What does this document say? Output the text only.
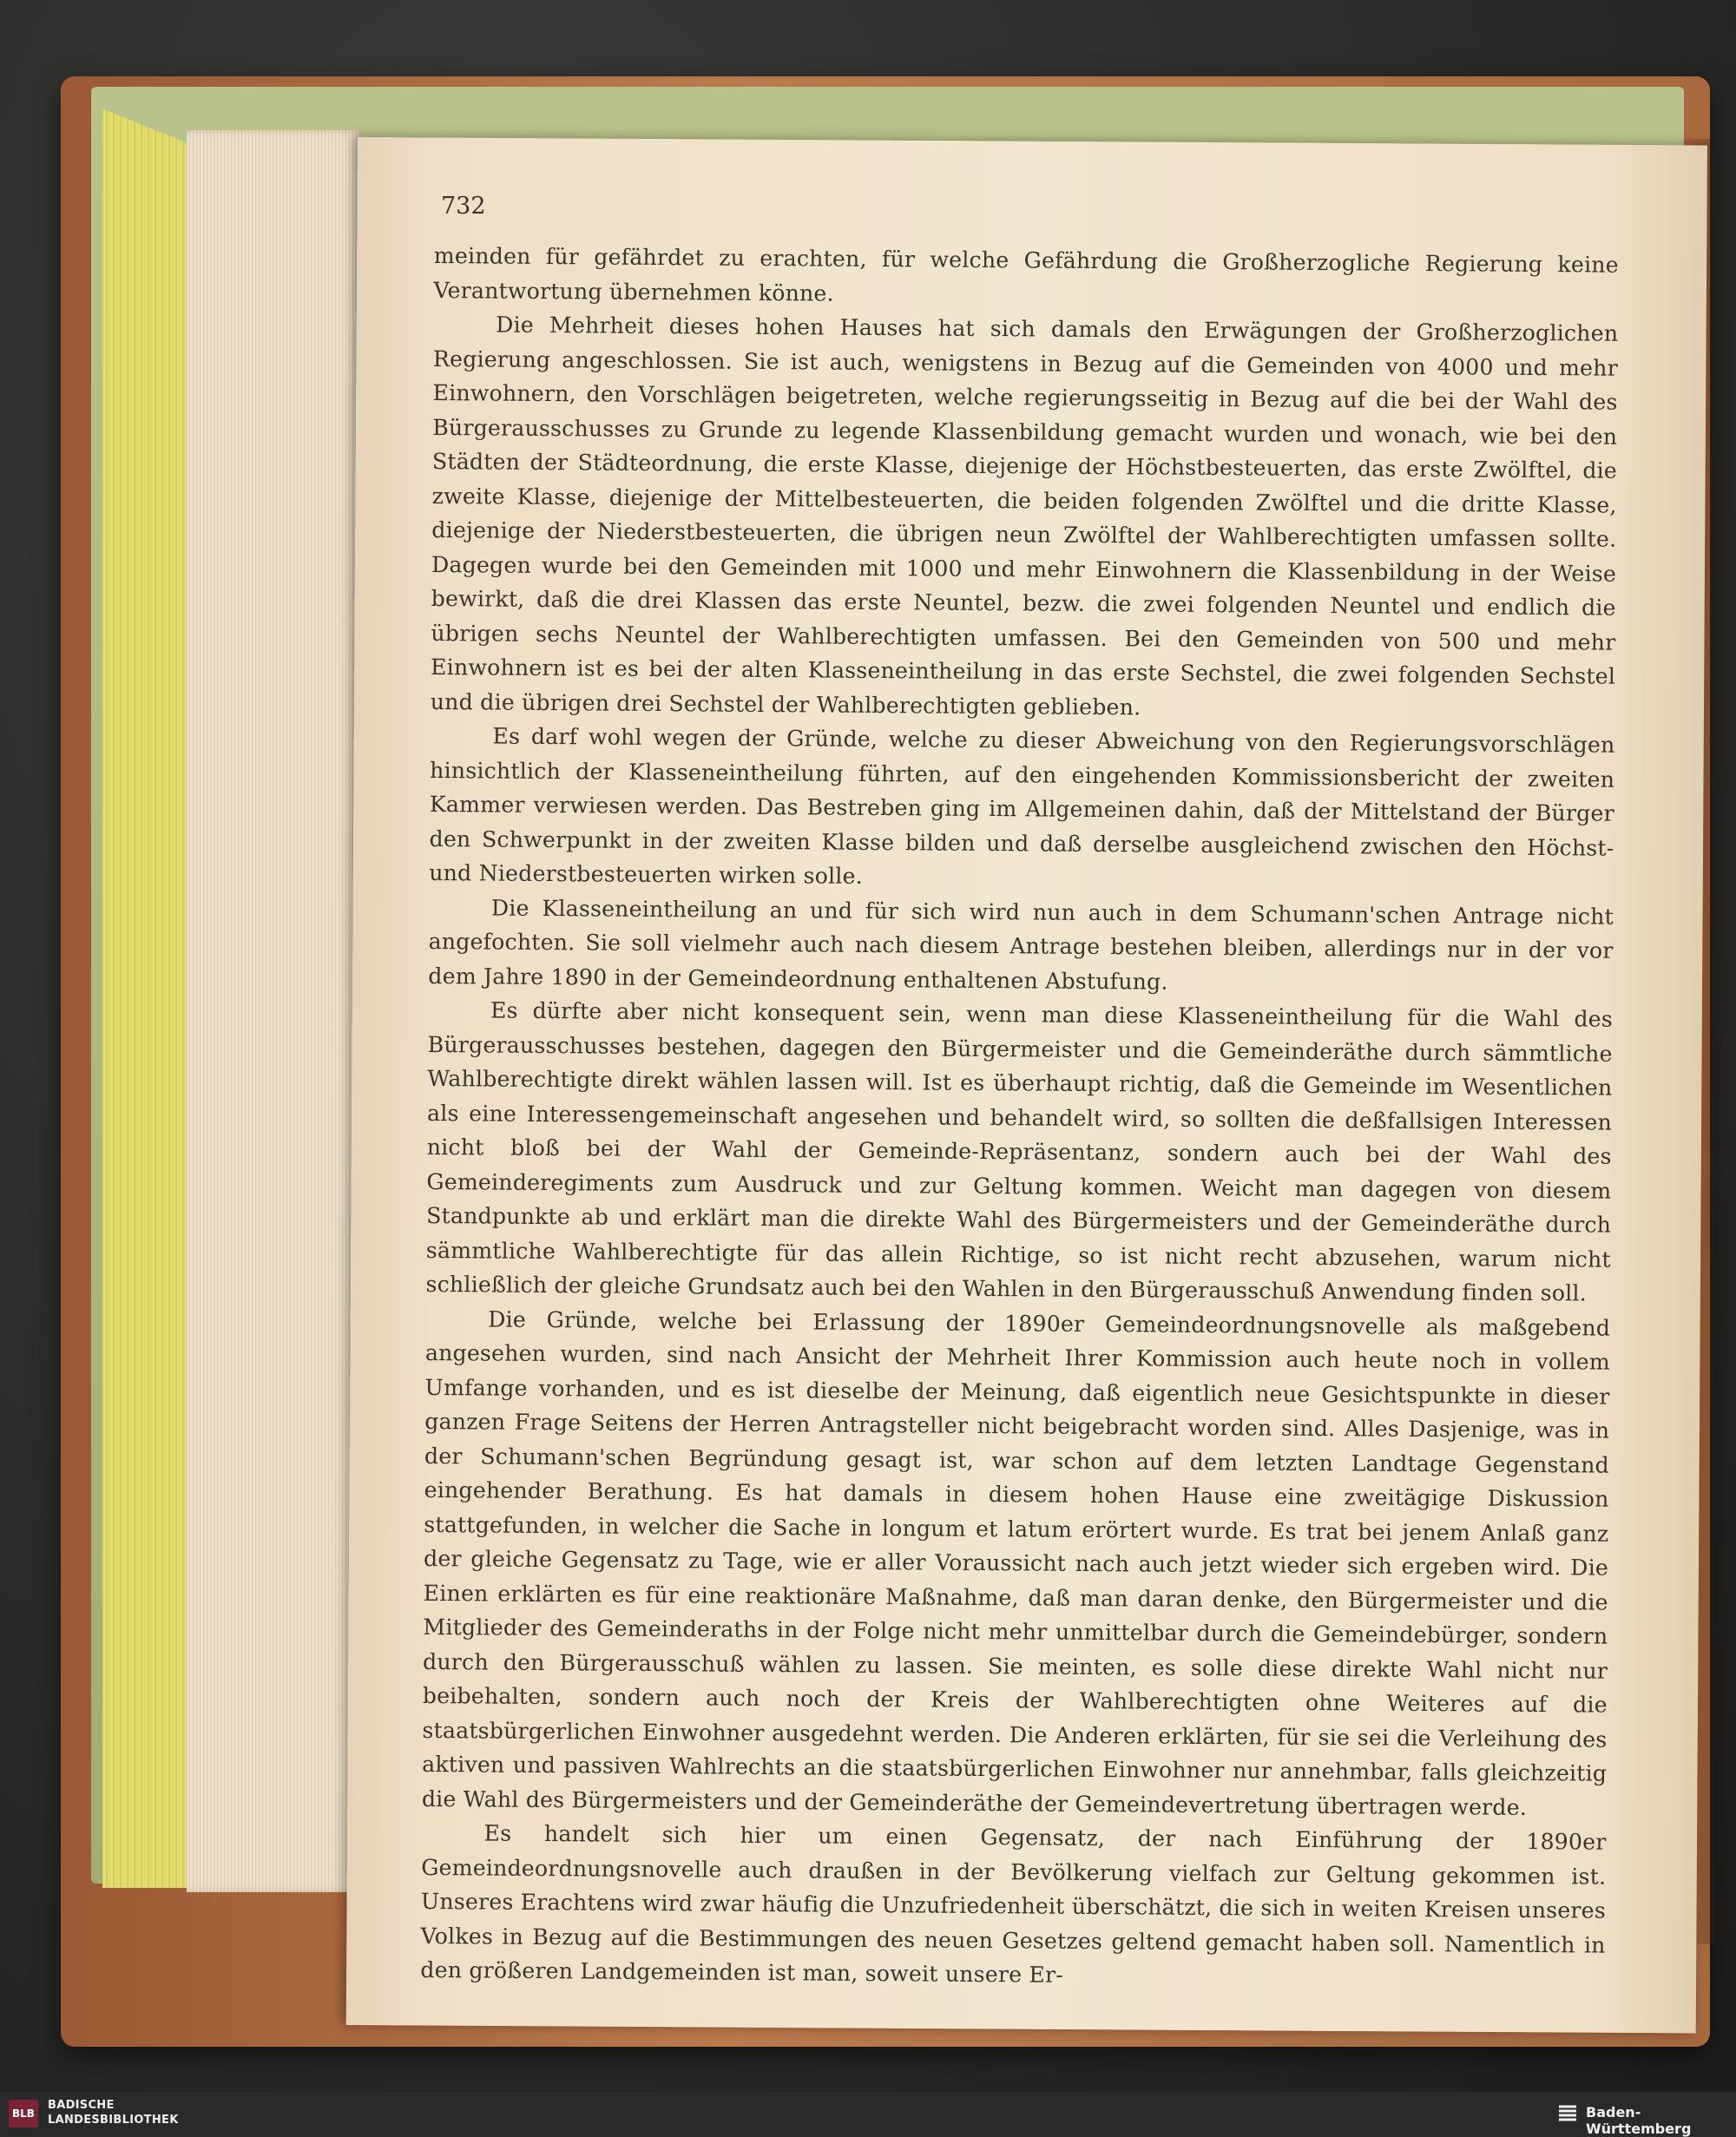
732

meinden für gefährdet zu erachten, für welche Gefährdung die Großherzogliche Regierung keine Verantwortung übernehmen könne.

Die Mehrheit dieses hohen Hauses hat sich damals den Erwägungen der Großherzoglichen Regierung angeschlossen. Sie ist auch, wenigstens in Bezug auf die Gemeinden von 4000 und mehr Einwohnern, den Vorschlägen beigetreten, welche regierungsseitig in Bezug auf die bei der Wahl des Bürgerausschusses zu Grunde zu legende Klassenbildung gemacht wurden und wonach, wie bei den Städten der Städteordnung, die erste Klasse, diejenige der Höchstbesteuerten, das erste Zwölftel, die zweite Klasse, diejenige der Mittelbesteuerten, die beiden folgenden Zwölftel und die dritte Klasse, diejenige der Niederstbesteuerten, die übrigen neun Zwölftel der Wahlberechtigten umfassen sollte. Dagegen wurde bei den Gemeinden mit 1000 und mehr Einwohnern die Klassenbildung in der Weise bewirkt, daß die drei Klassen das erste Neuntel, bezw. die zwei folgenden Neuntel und endlich die übrigen sechs Neuntel der Wahlberechtigten umfassen. Bei den Gemeinden von 500 und mehr Einwohnern ist es bei der alten Klasseneintheilung in das erste Sechstel, die zwei folgenden Sechstel und die übrigen drei Sechstel der Wahlberechtigten geblieben.

Es darf wohl wegen der Gründe, welche zu dieser Abweichung von den Regierungsvorschlägen hinsichtlich der Klasseneintheilung führten, auf den eingehenden Kommissionsbericht der zweiten Kammer verwiesen werden. Das Bestreben ging im Allgemeinen dahin, daß der Mittelstand der Bürger den Schwerpunkt in der zweiten Klasse bilden und daß derselbe ausgleichend zwischen den Höchst- und Niederstbesteuerten wirken solle.

Die Klasseneintheilung an und für sich wird nun auch in dem Schumann'schen Antrage nicht angefochten. Sie soll vielmehr auch nach diesem Antrage bestehen bleiben, allerdings nur in der vor dem Jahre 1890 in der Gemeindeordnung enthaltenen Abstufung.

Es dürfte aber nicht konsequent sein, wenn man diese Klasseneintheilung für die Wahl des Bürgerausschusses bestehen, dagegen den Bürgermeister und die Gemeinderäthe durch sämmtliche Wahlberechtigte direkt wählen lassen will. Ist es überhaupt richtig, daß die Gemeinde im Wesentlichen als eine Interessengemeinschaft angesehen und behandelt wird, so sollten die deßfallsigen Interessen nicht bloß bei der Wahl der Gemeinde-Repräsentanz, sondern auch bei der Wahl des Gemeinderegiments zum Ausdruck und zur Geltung kommen. Weicht man dagegen von diesem Standpunkte ab und erklärt man die direkte Wahl des Bürgermeisters und der Gemeinderäthe durch sämmtliche Wahlberechtigte für das allein Richtige, so ist nicht recht abzusehen, warum nicht schließlich der gleiche Grundsatz auch bei den Wahlen in den Bürgerausschuß Anwendung finden soll.

Die Gründe, welche bei Erlassung der 1890er Gemeindeordnungsnovelle als maßgebend angesehen wurden, sind nach Ansicht der Mehrheit Ihrer Kommission auch heute noch in vollem Umfange vorhanden, und es ist dieselbe der Meinung, daß eigentlich neue Gesichtspunkte in dieser ganzen Frage Seitens der Herren Antragsteller nicht beigebracht worden sind. Alles Dasjenige, was in der Schumann'schen Begründung gesagt ist, war schon auf dem letzten Landtage Gegenstand eingehender Berathung. Es hat damals in diesem hohen Hause eine zweitägige Diskussion stattgefunden, in welcher die Sache in longum et latum erörtert wurde. Es trat bei jenem Anlaß ganz der gleiche Gegensatz zu Tage, wie er aller Voraussicht nach auch jetzt wieder sich ergeben wird. Die Einen erklärten es für eine reaktionäre Maßnahme, daß man daran denke, den Bürgermeister und die Mitglieder des Gemeinderaths in der Folge nicht mehr unmittelbar durch die Gemeindebürger, sondern durch den Bürgerausschuß wählen zu lassen. Sie meinten, es solle diese direkte Wahl nicht nur beibehalten, sondern auch noch der Kreis der Wahlberechtigten ohne Weiteres auf die staatsbürgerlichen Einwohner ausgedehnt werden. Die Anderen erklärten, für sie sei die Verleihung des aktiven und passiven Wahlrechts an die staatsbürgerlichen Einwohner nur annehmbar, falls gleichzeitig die Wahl des Bürgermeisters und der Gemeinderäthe der Gemeindevertretung übertragen werde.

Es handelt sich hier um einen Gegensatz, der nach Einführung der 1890er Gemeindeordnungsnovelle auch draußen in der Bevölkerung vielfach zur Geltung gekommen ist. Unseres Erachtens wird zwar häufig die Unzufriedenheit überschätzt, die sich in weiten Kreisen unseres Volkes in Bezug auf die Bestimmungen des neuen Gesetzes geltend gemacht haben soll. Namentlich in den größeren Landgemeinden ist man, soweit unsere Er-

BLB
BADISCHE
LANDESBIBLIOTHEK	Baden-Württemberg
